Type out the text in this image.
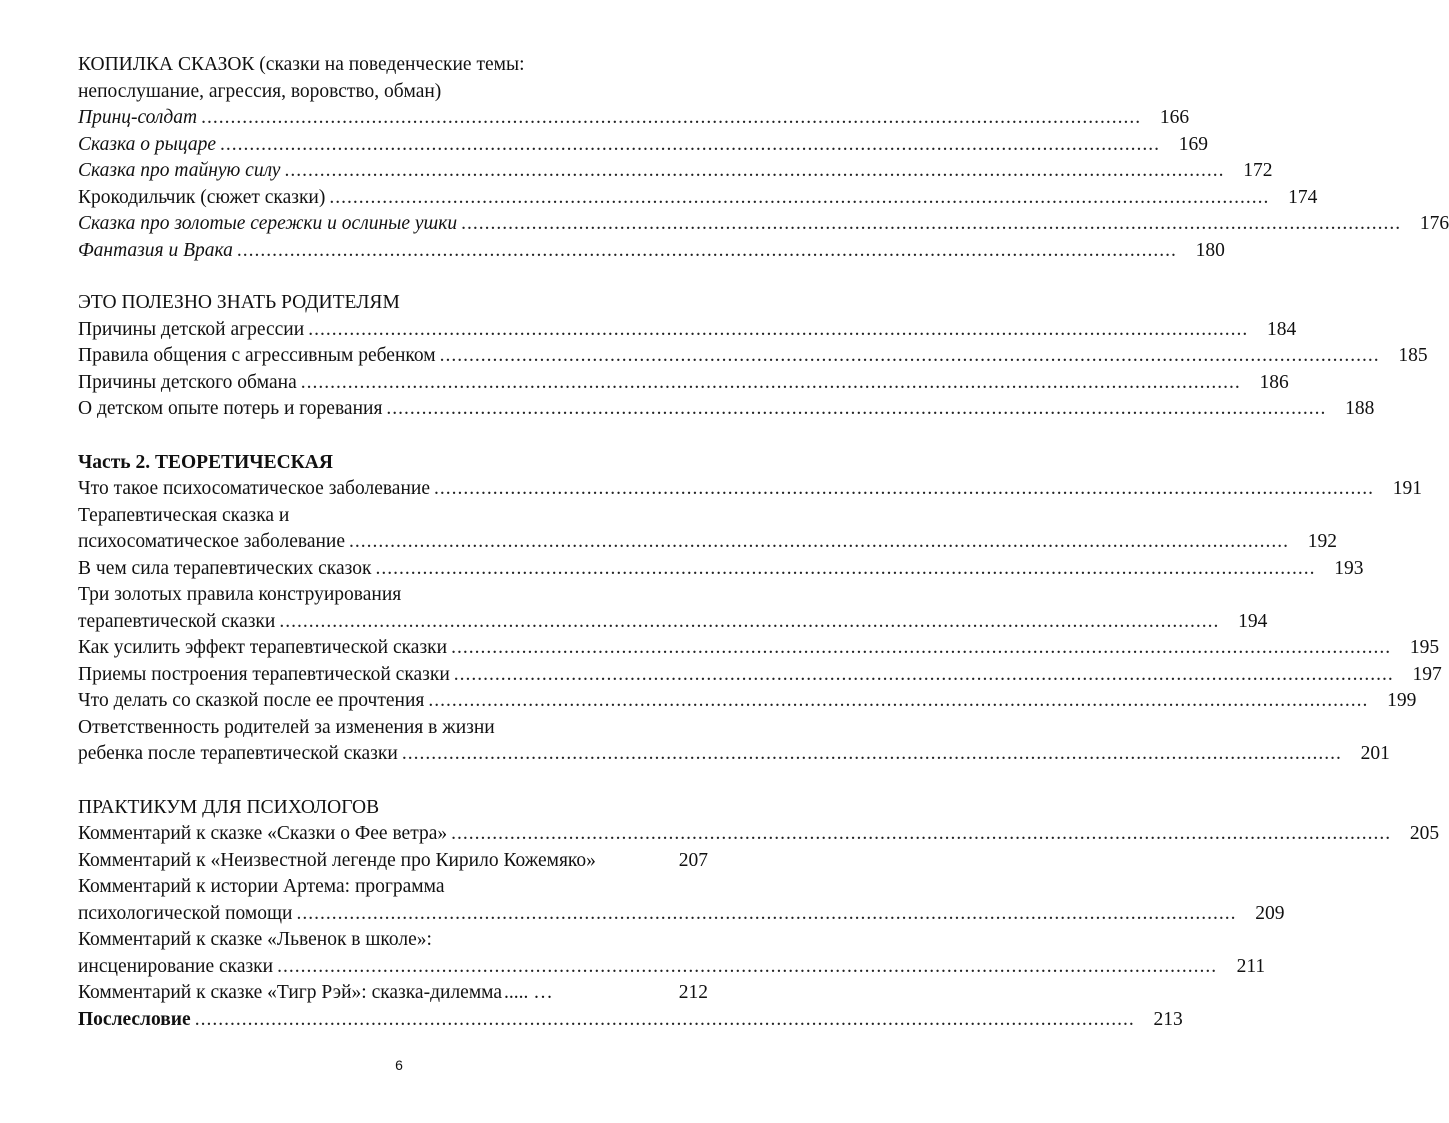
КОПИЛКА СКАЗОК (сказки на поведенческие темы:
непослушание, агрессия, воровство, обман)
Принц-солдат ................................................................................................................................................................ 166
Сказка о рыцаре ................................................................................................................................................................ 169
Сказка про тайную силу ................................................................................................................................................................ 172
Крокодильчик (сюжет сказки) ................................................................................................................................................................ 174
Сказка про золотые сережки и ослиные ушки ................................................................................................................................................................ 176
Фантазия и Врака ................................................................................................................................................................ 180
ЭТО ПОЛЕЗНО ЗНАТЬ РОДИТЕЛЯМ
Причины детской агрессии ................................................................................................................................................................ 184
Правила общения с агрессивным ребенком ................................................................................................................................................................ 185
Причины детского обмана ................................................................................................................................................................ 186
О детском опыте потерь и горевания ................................................................................................................................................................ 188
Часть 2. ТЕОРЕТИЧЕСКАЯ
Что такое психосоматическое заболевание ................................................................................................................................................................ 191
Терапевтическая сказка и
психосоматическое заболевание ................................................................................................................................................................ 192
В чем сила терапевтических сказок ................................................................................................................................................................ 193
Три золотых правила конструирования
терапевтической сказки ................................................................................................................................................................ 194
Как усилить эффект терапевтической сказки ................................................................................................................................................................ 195
Приемы построения терапевтической сказки ................................................................................................................................................................ 197
Что делать со сказкой после ее прочтения ................................................................................................................................................................ 199
Ответственность родителей за изменения в жизни
ребенка после терапевтической сказки ................................................................................................................................................................ 201
ПРАКТИКУМ ДЛЯ ПСИХОЛОГОВ
Комментарий к сказке «Сказки о Фее ветра» ................................................................................................................................................................ 205
Комментарий к «Неизвестной легенде про Кирило Кожемяко»	207
Комментарий к истории Артема: программа
психологической помощи ................................................................................................................................................................ 209
Комментарий к сказке «Львенок в школе»:
инсценирование сказки ................................................................................................................................................................ 211
Комментарий к сказке «Тигр Рэй»: сказка-дилемма ..... …	212
Послесловие ................................................................................................................................................................ 213
6
